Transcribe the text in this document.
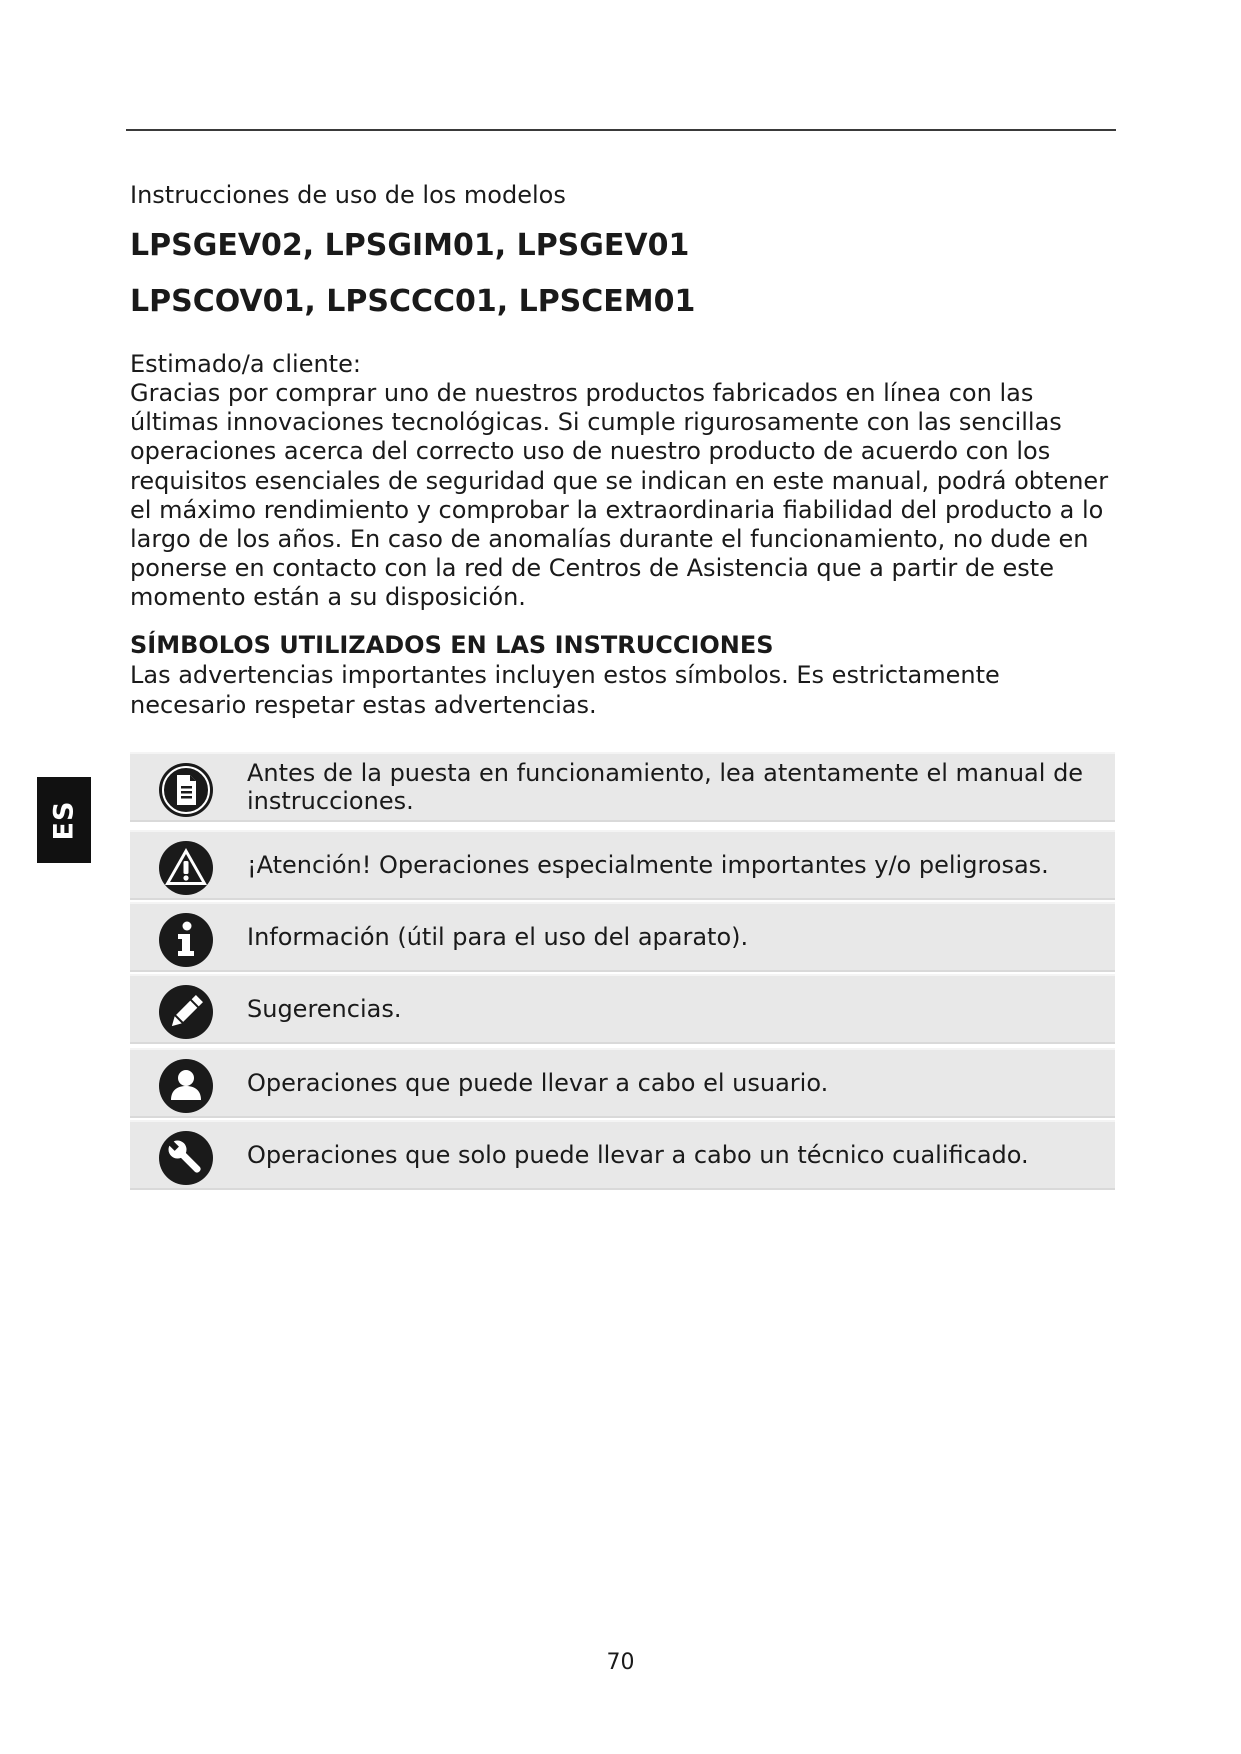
ES

Instrucciones de uso de los modelos

LPSGEV02, LPSGIM01, LPSGEV01

LPSCOV01, LPSCCC01, LPSCEM01

Estimado/a cliente:

Gracias por comprar uno de nuestros productos fabricados en línea con las últimas innovaciones tecnológicas. Si cumple rigurosamente con las sencillas operaciones acerca del correcto uso de nuestro producto de acuerdo con los requisitos esenciales de seguridad que se indican en este manual, podrá obtener el máximo rendimiento y comprobar la extraordinaria fiabilidad del producto a lo largo de los años. En caso de anomalías durante el funcionamiento, no dude en ponerse en contacto con la red de Centros de Asistencia que a partir de este momento están a su disposición.

SÍMBOLOS UTILIZADOS EN LAS INSTRUCCIONES

Las advertencias importantes incluyen estos símbolos. Es estrictamente necesario respetar estas advertencias.

Antes de la puesta en funcionamiento, lea atentamente el manual de instrucciones.

¡Atención! Operaciones especialmente importantes y/o peligrosas.

Información (útil para el uso del aparato).

Sugerencias.

Operaciones que puede llevar a cabo el usuario.

Operaciones que solo puede llevar a cabo un técnico cualificado.

70
